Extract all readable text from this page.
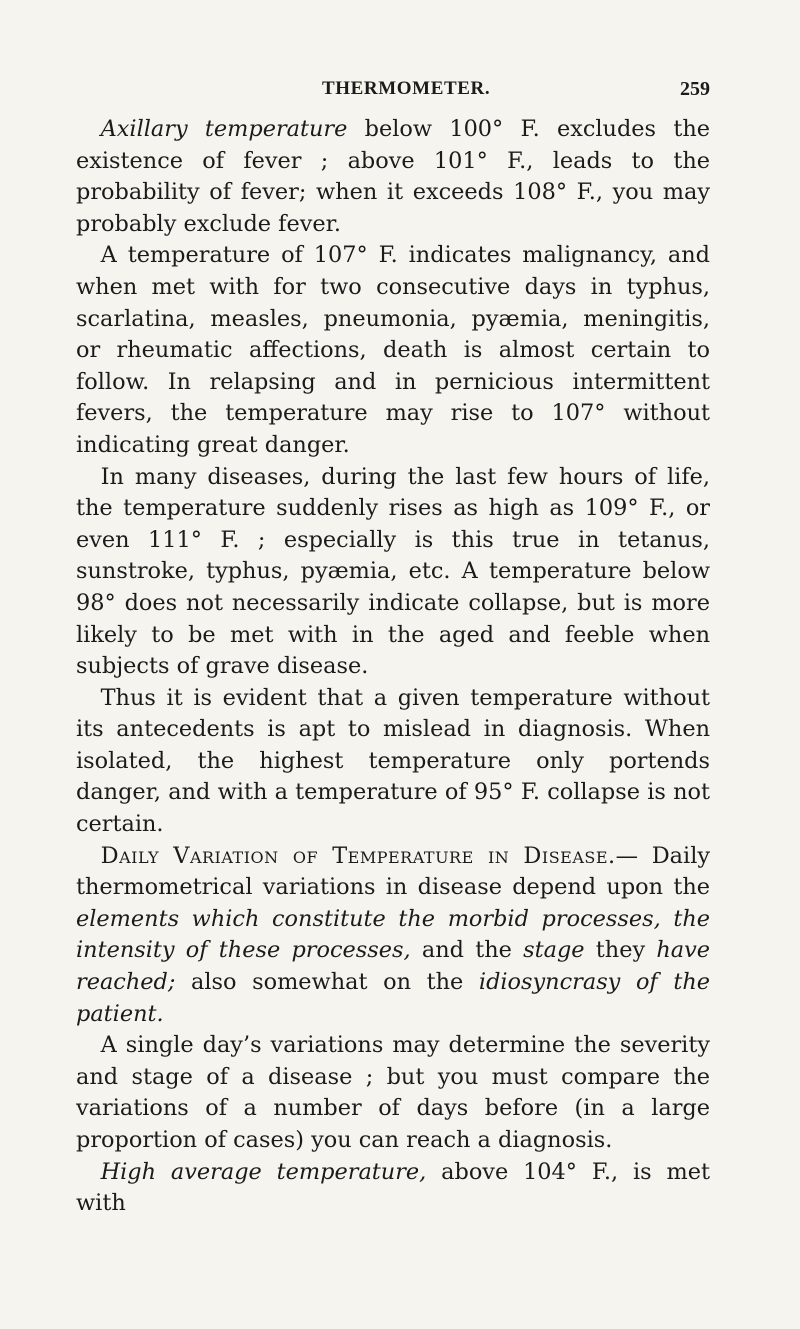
THERMOMETER.	259

Axillary temperature below 100° F. excludes the existence of fever ; above 101° F., leads to the probability of fever; when it exceeds 108° F., you may probably exclude fever.

A temperature of 107° F. indicates malignancy, and when met with for two consecutive days in typhus, scarlatina, measles, pneumonia, pyæmia, meningitis, or rheumatic affections, death is almost certain to follow. In relapsing and in pernicious intermittent fevers, the temperature may rise to 107° without indicating great danger.

In many diseases, during the last few hours of life, the temperature suddenly rises as high as 109° F., or even 111° F. ; especially is this true in tetanus, sunstroke, typhus, pyæmia, etc. A temperature below 98° does not necessarily indicate collapse, but is more likely to be met with in the aged and feeble when subjects of grave disease.

Thus it is evident that a given temperature without its antecedents is apt to mislead in diagnosis. When isolated, the highest temperature only portends danger, and with a temperature of 95° F. collapse is not certain.

Daily Variation of Temperature in Disease.— Daily thermometrical variations in disease depend upon the elements which constitute the morbid processes, the intensity of these processes, and the stage they have reached; also somewhat on the idiosyncrasy of the patient.

A single day’s variations may determine the severity and stage of a disease ; but you must compare the variations of a number of days before (in a large proportion of cases) you can reach a diagnosis.

High average temperature, above 104° F., is met with
